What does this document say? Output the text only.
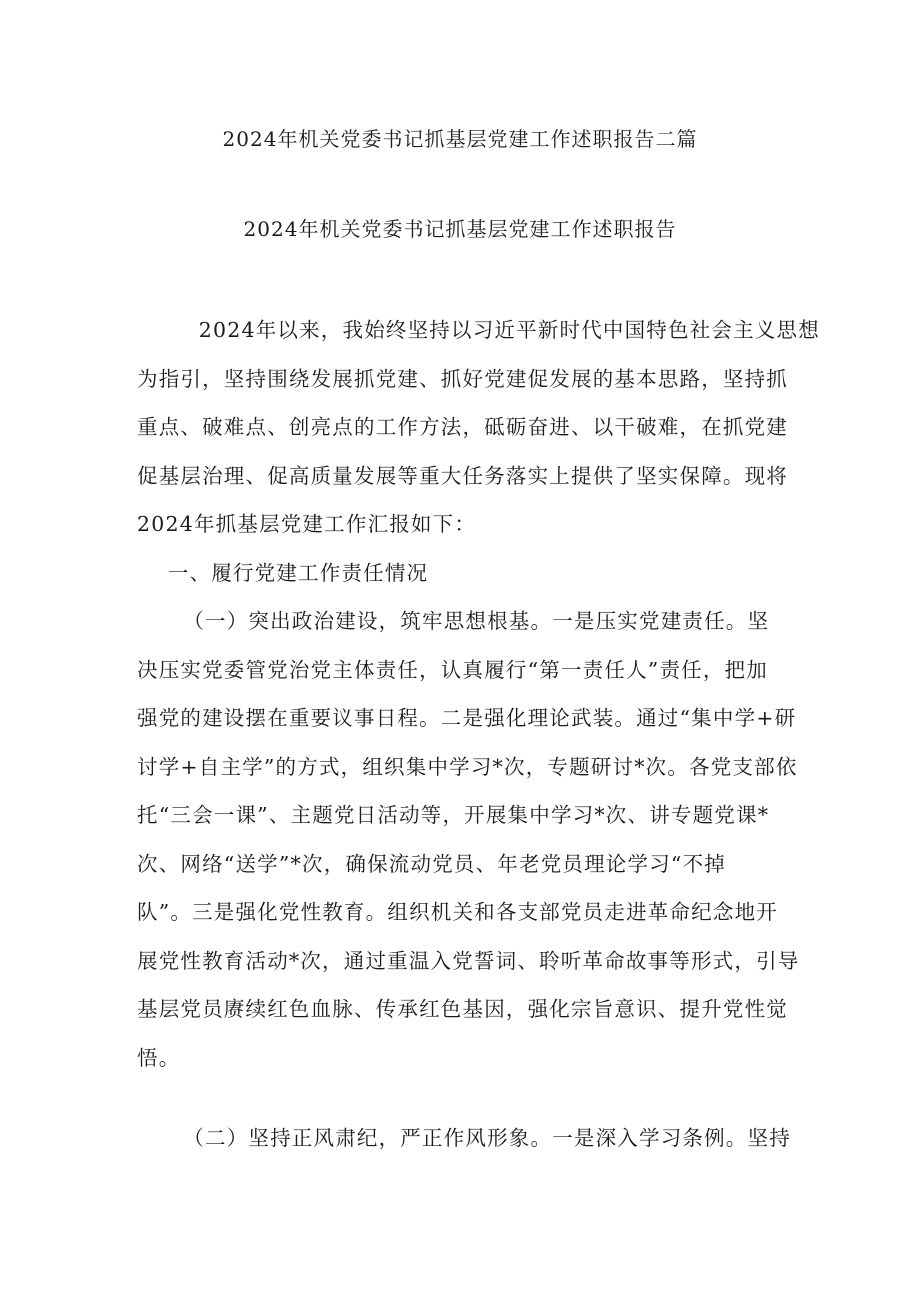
2024年机关党委书记抓基层党建工作述职报告二篇
2024年机关党委书记抓基层党建工作述职报告
2024年以来，我始终坚持以习近平新时代中国特色社会主义思想
为指引，坚持围绕发展抓党建、抓好党建促发展的基本思路，坚持抓
重点、破难点、创亮点的工作方法，砥砺奋进、以干破难，在抓党建
促基层治理、促高质量发展等重大任务落实上提供了坚实保障。现将
2024年抓基层党建工作汇报如下：
一、履行党建工作责任情况
（一）突出政治建设，筑牢思想根基。一是压实党建责任。坚
决压实党委管党治党主体责任，认真履行“第一责任人”责任，把加
强党的建设摆在重要议事日程。二是强化理论武装。通过“集中学+研
讨学+自主学”的方式，组织集中学习*次，专题研讨*次。各党支部依
托“三会一课”、主题党日活动等，开展集中学习*次、讲专题党课*
次、网络“送学”*次，确保流动党员、年老党员理论学习“不掉
队”。三是强化党性教育。组织机关和各支部党员走进革命纪念地开
展党性教育活动*次，通过重温入党誓词、聆听革命故事等形式，引导
基层党员赓续红色血脉、传承红色基因，强化宗旨意识、提升党性觉
悟。
（二）坚持正风肃纪，严正作风形象。一是深入学习条例。坚持
